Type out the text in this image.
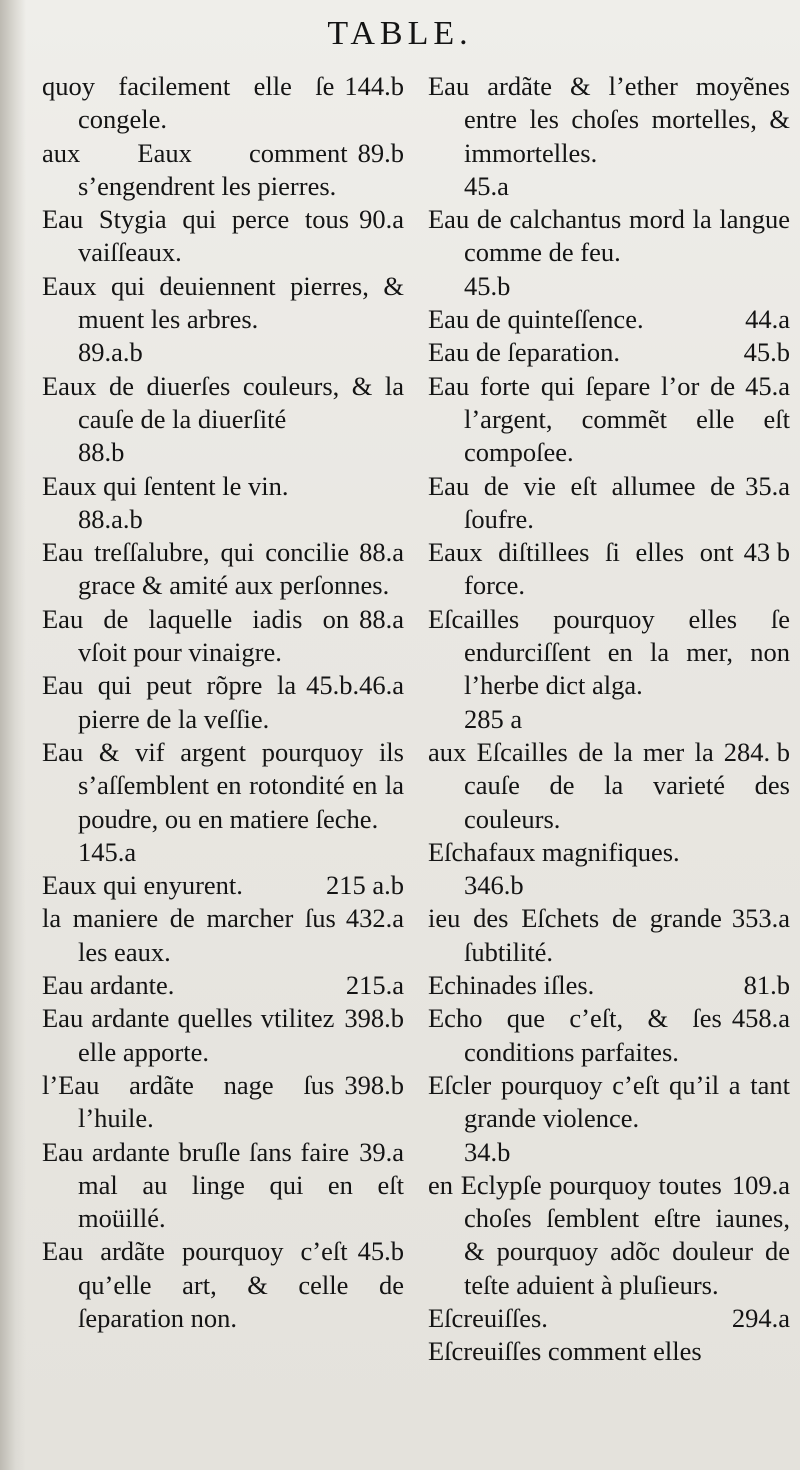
TABLE.
144.b
quoy facilement elle ſe congele.
89.b
aux Eaux comment s’engendrent les pierres.
90.a
Eau Stygia qui perce tous vaiſſeaux.
Eaux qui deuiennent pierres, & muent les arbres.
89.a.b
Eaux de diuerſes couleurs, & la cauſe de la diuerſité
88.b
Eaux qui ſentent le vin.
88.a.b
88.a
Eau treſſalubre, qui concilie grace & amité aux perſonnes.
88.a
Eau de laquelle iadis on vſoit pour vinaigre.
45.b.46.a
Eau qui peut rõpre la pierre de la veſſie.
Eau & vif argent pourquoy ils s’aſſemblent en rotondité en la poudre, ou en matiere ſeche.
145.a
215 a.b
Eaux qui enyurent.
432.a
la maniere de marcher ſus les eaux.
215.a
Eau ardante.
398.b
Eau ardante quelles vtilitez elle apporte.
398.b
l’Eau ardãte nage ſus l’huile.
39.a
Eau ardante bruſle ſans faire mal au linge qui en eſt moüillé.
45.b
Eau ardãte pourquoy c’eſt qu’elle art, & celle de ſeparation non.
Eau ardãte & l’ether moyẽnes entre les choſes mortelles, & immortelles.
45.a
Eau de calchantus mord la langue comme de feu.
45.b
44.a
Eau de quinteſſence.
45.b
Eau de ſeparation.
45.a
Eau forte qui ſepare l’or de l’argent, commẽt elle eſt compoſee.
35.a
Eau de vie eſt allumee de ſoufre.
43 b
Eaux diſtillees ſi elles ont force.
Eſcailles pourquoy elles ſe endurciſſent en la mer, non l’herbe dict alga.
285 a
284. b
aux Eſcailles de la mer la cauſe de la varieté des couleurs.
Eſchafaux magnifiques.
346.b
353.a
ieu des Eſchets de grande ſubtilité.
81.b
Echinades iſles.
458.a
Echo que c’eſt, & ſes conditions parfaites.
Eſcler pourquoy c’eſt qu’il a tant grande violence.
34.b
109.a
en Eclypſe pourquoy toutes choſes ſemblent eſtre iaunes, & pourquoy adõc douleur de teſte aduient à pluſieurs.
294.a
Eſcreuiſſes.
Eſcreuiſſes comment elles
